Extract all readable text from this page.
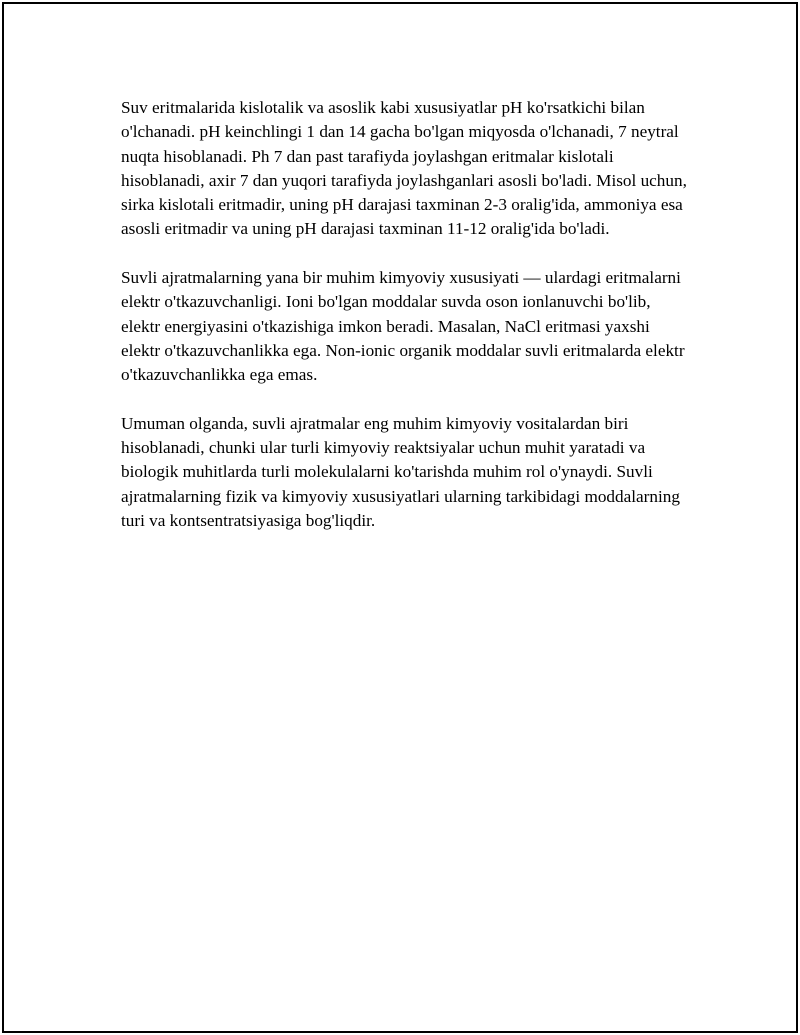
Suv eritmalarida kislotalik va asoslik kabi xususiyatlar pH ko'rsatkichi bilan o'lchanadi. pH keinchlingi 1 dan 14 gacha bo'lgan miqyosda o'lchanadi, 7 neytral nuqta hisoblanadi. Ph 7 dan past tarafiyda joylashgan eritmalar kislotali hisoblanadi, axir 7 dan yuqori tarafiyda joylashganlari asosli bo'ladi. Misol uchun, sirka kislotali eritmadir, uning pH darajasi taxminan 2-3 oralig'ida, ammoniya esa asosli eritmadir va uning pH darajasi taxminan 11-12 oralig'ida bo'ladi.

Suvli ajratmalarning yana bir muhim kimyoviy xususiyati — ulardagi eritmalarni elektr o'tkazuvchanligi. Ioni bo'lgan moddalar suvda oson ionlanuvchi bo'lib, elektr energiyasini o'tkazishiga imkon beradi. Masalan, NaCl eritmasi yaxshi elektr o'tkazuvchanlikka ega. Non-ionic organik moddalar suvli eritmalarda elektr o'tkazuvchanlikka ega emas.

Umuman olganda, suvli ajratmalar eng muhim kimyoviy vositalardan biri hisoblanadi, chunki ular turli kimyoviy reaktsiyalar uchun muhit yaratadi va biologik muhitlarda turli molekulalarni ko'tarishda muhim rol o'ynaydi. Suvli ajratmalarning fizik va kimyoviy xususiyatlari ularning tarkibidagi moddalarning turi va kontsentratsiyasiga bog'liqdir.
